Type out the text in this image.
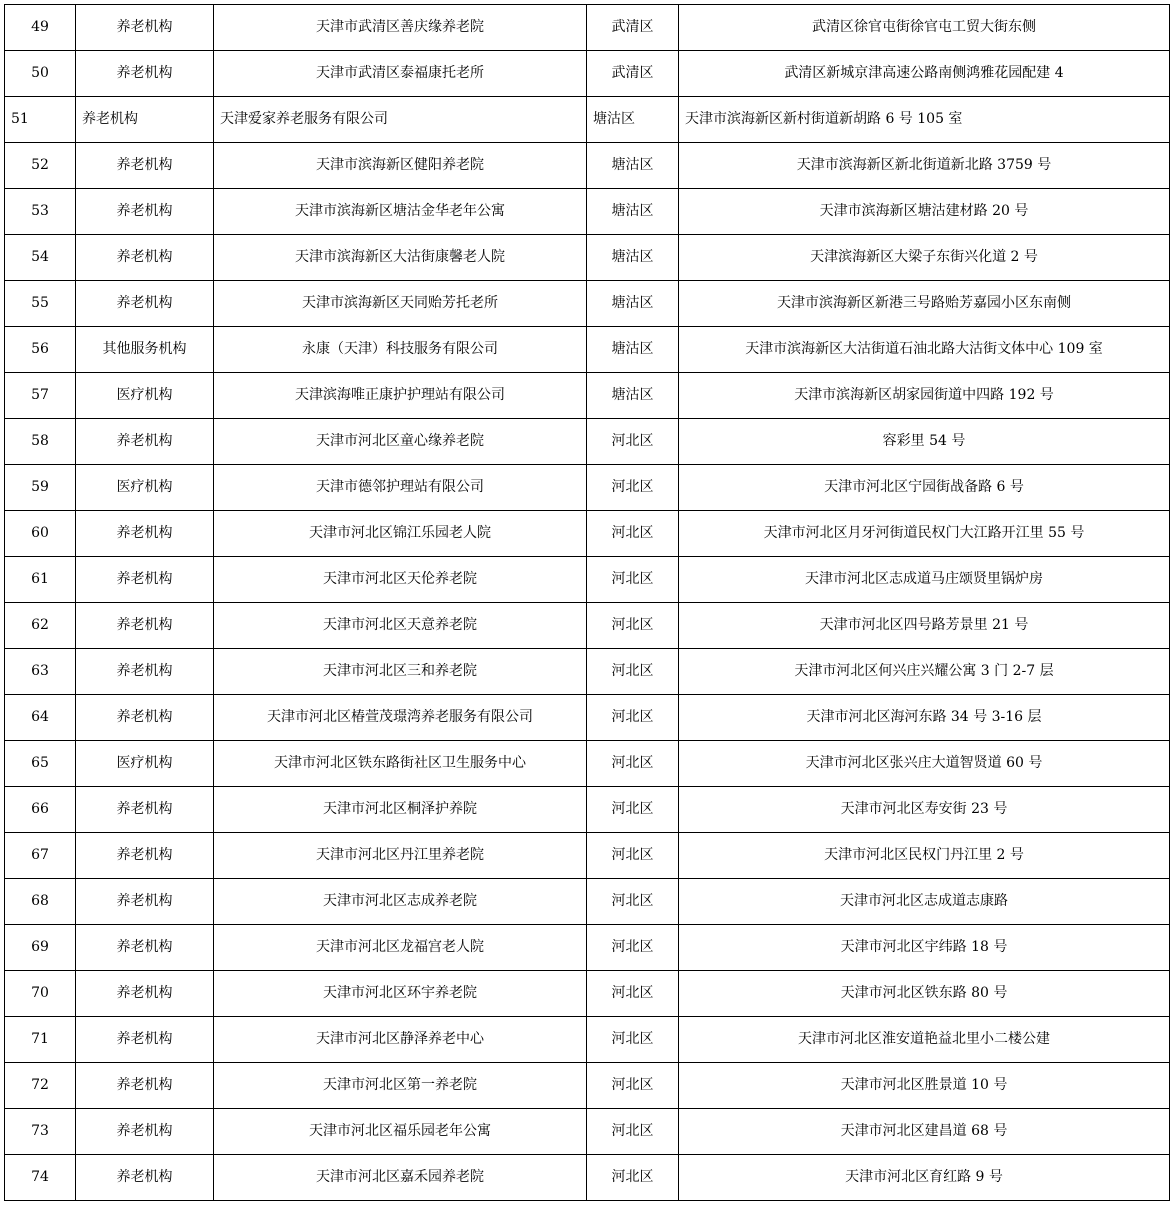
49	养老机构	天津市武清区善庆缘养老院	武清区	武清区徐官屯街徐官屯工贸大街东侧
50	养老机构	天津市武清区泰福康托老所	武清区	武清区新城京津高速公路南侧鸿雅花园配建 4
51	养老机构	天津爱家养老服务有限公司	塘沽区	天津市滨海新区新村街道新胡路 6 号 105 室
52	养老机构	天津市滨海新区健阳养老院	塘沽区	天津市滨海新区新北街道新北路 3759 号
53	养老机构	天津市滨海新区塘沽金华老年公寓	塘沽区	天津市滨海新区塘沽建材路 20 号
54	养老机构	天津市滨海新区大沽街康馨老人院	塘沽区	天津滨海新区大梁子东街兴化道 2 号
55	养老机构	天津市滨海新区天同贻芳托老所	塘沽区	天津市滨海新区新港三号路贻芳嘉园小区东南侧
56	其他服务机构	永康（天津）科技服务有限公司	塘沽区	天津市滨海新区大沽街道石油北路大沽街文体中心 109 室
57	医疗机构	天津滨海唯正康护护理站有限公司	塘沽区	天津市滨海新区胡家园街道中四路 192 号
58	养老机构	天津市河北区童心缘养老院	河北区	容彩里 54 号
59	医疗机构	天津市德邻护理站有限公司	河北区	天津市河北区宁园街战备路 6 号
60	养老机构	天津市河北区锦江乐园老人院	河北区	天津市河北区月牙河街道民权门大江路开江里 55 号
61	养老机构	天津市河北区天伦养老院	河北区	天津市河北区志成道马庄颂贤里锅炉房
62	养老机构	天津市河北区天意养老院	河北区	天津市河北区四号路芳景里 21 号
63	养老机构	天津市河北区三和养老院	河北区	天津市河北区何兴庄兴耀公寓 3 门 2-7 层
64	养老机构	天津市河北区椿萱茂璟湾养老服务有限公司	河北区	天津市河北区海河东路 34 号 3-16 层
65	医疗机构	天津市河北区铁东路街社区卫生服务中心	河北区	天津市河北区张兴庄大道智贤道 60 号
66	养老机构	天津市河北区桐泽护养院	河北区	天津市河北区寿安街 23 号
67	养老机构	天津市河北区丹江里养老院	河北区	天津市河北区民权门丹江里 2 号
68	养老机构	天津市河北区志成养老院	河北区	天津市河北区志成道志康路
69	养老机构	天津市河北区龙福宫老人院	河北区	天津市河北区宇纬路 18 号
70	养老机构	天津市河北区环宇养老院	河北区	天津市河北区铁东路 80 号
71	养老机构	天津市河北区静泽养老中心	河北区	天津市河北区淮安道艳益北里小二楼公建
72	养老机构	天津市河北区第一养老院	河北区	天津市河北区胜景道 10 号
73	养老机构	天津市河北区福乐园老年公寓	河北区	天津市河北区建昌道 68 号
74	养老机构	天津市河北区嘉禾园养老院	河北区	天津市河北区育红路 9 号
